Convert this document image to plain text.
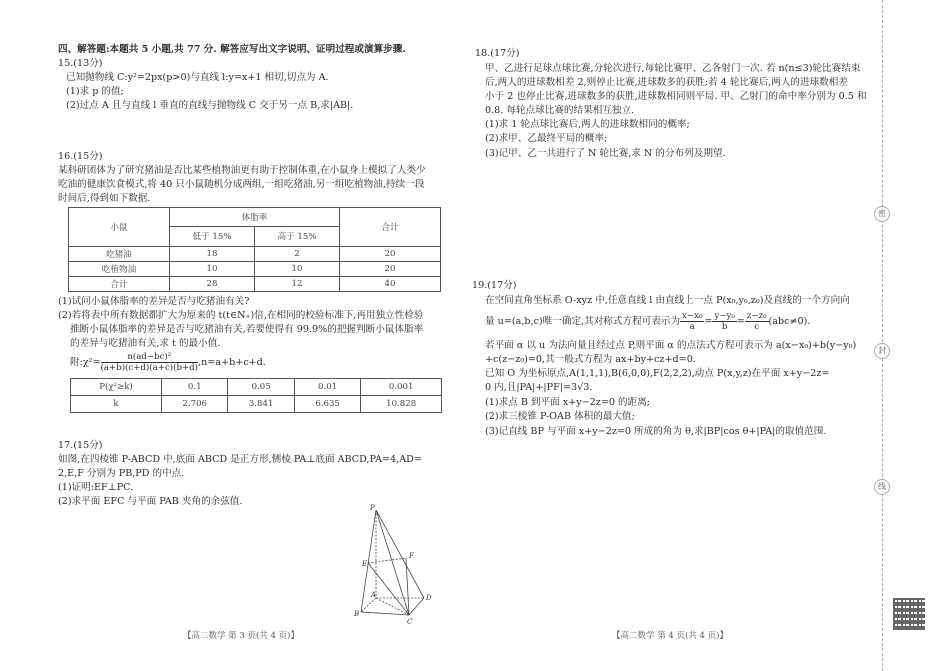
四、解答题:本题共 5 小题,共 77 分. 解答应写出文字说明、证明过程或演算步骤.
15.(13分)
已知抛物线 C:y²=2px(p>0)与直线 l:y=x+1 相切,切点为 A.
(1)求 p 的值;
(2)过点 A 且与直线 l 垂直的直线与抛物线 C 交于另一点 B,求|AB|.
16.(15分)
某科研团体为了研究猪油是否比某些植物油更有助于控制体重,在小鼠身上模拟了人类少
吃油的健康饮食模式,将 40 只小鼠随机分成两组,一组吃猪油,另一组吃植物油,持续一段
时间后,得到如下数据.
小鼠	体脂率		合计
	低于 15%	高于 15%	
吃猪油	18	2	20
吃植物油	10	10	20
合计	28	12	40
(1)试问小鼠体脂率的差异是否与吃猪油有关?
(2)若将表中所有数据都扩大为原来的 t(t∈N₊)倍,在相同的校验标准下,再用独立性检验
推断小鼠体脂率的差异是否与吃猪油有关,若要使得有 99.9%的把握判断小鼠体脂率
的差异与吃猪油有关,求 t 的最小值.
附:χ²= $\frac{\text{n(ad−bc)²}}{(a+b)(c+d)(a+c)(b+d)} ,n=a+b+c+d$.
P(χ²≥k)	0.1	0.05	0.01	0.001
k	2.706	3.841	6.635	10.828
17.(15分)
如图,在四棱锥 P-ABCD 中,底面 ABCD 是正方形,侧棱 PA⊥底面 ABCD,PA=4,AD=
2,E,F 分别为 PB,PD 的中点.
(1)证明:EF⊥PC.
(2)求平面 EFC 与平面 PAB 夹角的余弦值.
P
E
F
A
B
C
D
【高二数学 第 3 页(共 4 页)】
18.(17分)
甲、乙进行足球点球比赛,分轮次进行,每轮比赛甲、乙各射门一次. 若 n(n≤3)轮比赛结束
后,两人的进球数相差 2,则停止比赛,进球数多的获胜;若 4 轮比赛后,两人的进球数相差
小于 2 也停止比赛,进球数多的获胜,进球数相同则平局. 甲、乙射门的命中率分别为 0.5 和
0.8. 每轮点球比赛的结果相互独立.
(1)求 1 轮点球比赛后,两人的进球数相同的概率;
(2)求甲、乙最终平局的概率;
(3)记甲、乙一共进行了 N 轮比赛,求 N 的分布列及期望.
19.(17分)
在空间直角坐标系 O-xyz 中,任意直线 l 由直线上一点 P(x₀,y₀,z₀)及直线的一个方向向
量 u=(a,b,c)唯一确定,其对称式方程可表示为 $\frac{\text{x−x₀}}{a} = \frac{\text{y−y₀}}{b} = \frac{\text{z−z₀}}{c} (abc\ne 0)$.
若平面 α 以 u 为法向量且经过点 P,则平面 α 的点法式方程可表示为 a(x−x₀)+b(y−y₀)
+c(z−z₀)=0,其一般式方程为 ax+by+cz+d=0.
已知 O 为坐标原点,A(1,1,1),B(6,0,0),F(2,2,2),动点 P(x,y,z)在平面 x+y−2z=
0 内,且|PA|+|PF|=3√3.
(1)求点 B 到平面 x+y−2z=0 的距离;
(2)求三棱锥 P-OAB 体积的最大值;
(3)记直线 BP 与平面 x+y−2z=0 所成的角为 θ,求|BP|cos θ+|PA|的取值范围.
【高二数学 第 4 页(共 4 页)】
密
封
线
